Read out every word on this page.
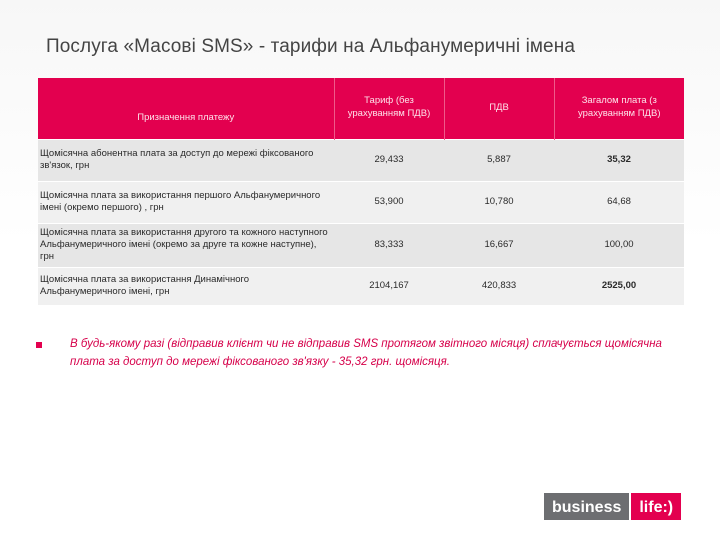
Послуга «Масові SMS» - тарифи на Альфанумеричні імена
Призначення платежу	Тариф (без урахуванням ПДВ)	ПДВ	Загалом плата (з урахуванням ПДВ)
Щомісячна абонентна плата за доступ до мережі фіксованого зв'язок, грн	29,433	5,887	35,32
Щомісячна плата за використання першого Альфанумеричного імені (окремо першого) , грн	53,900	10,780	64,68
Щомісячна плата за використання другого та кожного наступного Альфанумеричного імені (окремо за друге та кожне наступне), грн	83,333	16,667	100,00
Щомісячна плата за використання Динамічного Альфанумеричного імені, грн	2104,167	420,833	2525,00
В будь-якому разі (відправив клієнт чи не відправив SMS протягом звітного місяця) сплачується щомісячна плата за доступ до мережі фіксованого зв'язку - 35,32 грн. щомісяця.
business	life:)
